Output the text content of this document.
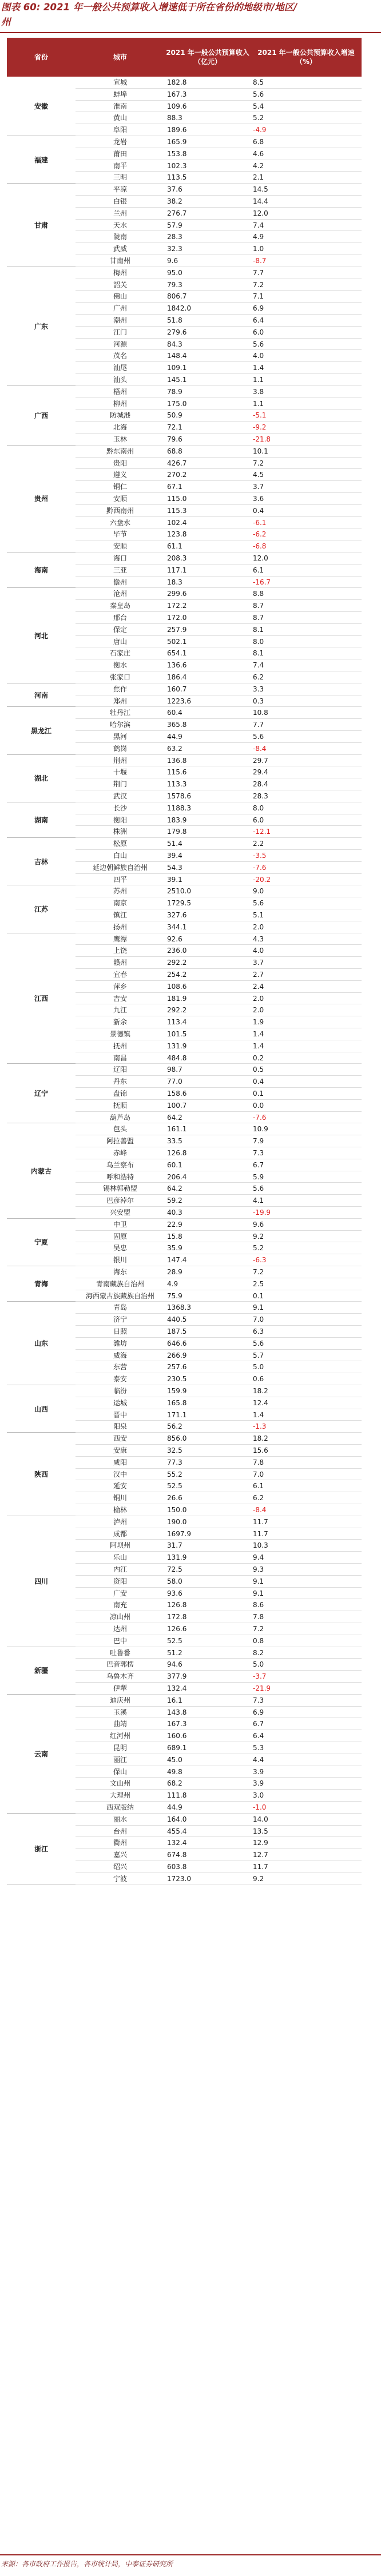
图表 60: 2021 年一般公共预算收入增速低于所在省份的地级市/地区/
州
省份	城市
2021 年一般公共预算收入（亿元）
2021 年一般公共预算收入增速（%）
安徽
宣城	182.8	8.5
蚌埠	167.3	5.6
淮南	109.6	5.4
黄山	88.3	5.2
阜阳	189.6	-4.9
福建
龙岩	165.9	6.8
莆田	153.8	4.6
南平	102.3	4.2
三明	113.5	2.1
甘肃
平凉	37.6	14.5
白银	38.2	14.4
兰州	276.7	12.0
天水	57.9	7.4
陇南	28.3	4.9
武威	32.3	1.0
甘南州	9.6	-8.7
广东
梅州	95.0	7.7
韶关	79.3	7.2
佛山	806.7	7.1
广州	1842.0	6.9
潮州	51.8	6.4
江门	279.6	6.0
河源	84.3	5.6
茂名	148.4	4.0
汕尾	109.1	1.4
汕头	145.1	1.1
广西
梧州	78.9	3.8
柳州	175.0	1.1
防城港	50.9	-5.1
北海	72.1	-9.2
玉林	79.6	-21.8
贵州
黔东南州	68.8	10.1
贵阳	426.7	7.2
遵义	270.2	4.5
铜仁	67.1	3.7
安顺	115.0	3.6
黔西南州	115.3	0.4
六盘水	102.4	-6.1
毕节	123.8	-6.2
安顺	61.1	-6.8
海南
海口	208.3	12.0
三亚	117.1	6.1
儋州	18.3	-16.7
河北
沧州	299.6	8.8
秦皇岛	172.2	8.7
邢台	172.0	8.7
保定	257.9	8.1
唐山	502.1	8.0
石家庄	654.1	8.1
衡水	136.6	7.4
张家口	186.4	6.2
河南
焦作	160.7	3.3
郑州	1223.6	0.3
黑龙江
牡丹江	60.4	10.8
哈尔滨	365.8	7.7
黑河	44.9	5.6
鹤岗	63.2	-8.4
湖北
荆州	136.8	29.7
十堰	115.6	29.4
荆门	113.3	28.4
武汉	1578.6	28.3
湖南
长沙	1188.3	8.0
衡阳	183.9	6.0
株洲	179.8	-12.1
吉林
松原	51.4	2.2
白山	39.4	-3.5
延边朝鲜族自治州	54.3	-7.6
四平	39.1	-20.2
江苏
苏州	2510.0	9.0
南京	1729.5	5.6
镇江	327.6	5.1
扬州	344.1	2.0
江西
鹰潭	92.6	4.3
上饶	236.0	4.0
赣州	292.2	3.7
宜春	254.2	2.7
萍乡	108.6	2.4
吉安	181.9	2.0
九江	292.2	2.0
新余	113.4	1.9
景德镇	101.5	1.4
抚州	131.9	1.4
南昌	484.8	0.2
辽宁
辽阳	98.7	0.5
丹东	77.0	0.4
盘锦	158.6	0.1
抚顺	100.7	0.0
葫芦岛	64.2	-7.6
内蒙古
包头	161.1	10.9
阿拉善盟	33.5	7.9
赤峰	126.8	7.3
乌兰察布	60.1	6.7
呼和浩特	206.4	5.9
锡林郭勒盟	64.2	5.6
巴彦淖尔	59.2	4.1
兴安盟	40.3	-19.9
宁夏
中卫	22.9	9.6
固原	15.8	9.2
吴忠	35.9	5.2
银川	147.4	-6.3
青海
海东	28.9	7.2
青南藏族自治州	4.9	2.5
海西蒙古族藏族自治州	75.9	0.1
山东
青岛	1368.3	9.1
济宁	440.5	7.0
日照	187.5	6.3
潍坊	646.6	5.6
威海	266.9	5.7
东营	257.6	5.0
泰安	230.5	0.6
山西
临汾	159.9	18.2
运城	165.8	12.4
晋中	171.1	1.4
阳泉	56.2	-1.3
陕西
西安	856.0	18.2
安康	32.5	15.6
咸阳	77.3	7.8
汉中	55.2	7.0
延安	52.5	6.1
铜川	26.6	6.2
榆林	150.0	-8.4
四川
泸州	190.0	11.7
成都	1697.9	11.7
阿坝州	31.7	10.3
乐山	131.9	9.4
内江	72.5	9.3
资阳	58.0	9.1
广安	93.6	9.1
南充	126.8	8.6
凉山州	172.8	7.8
达州	126.6	7.2
巴中	52.5	0.8
新疆
吐鲁番	51.2	8.2
巴音郭楞	94.6	5.0
乌鲁木齐	377.9	-3.7
伊犁	132.4	-21.9
云南
迪庆州	16.1	7.3
玉溪	143.8	6.9
曲靖	167.3	6.7
红河州	160.6	6.4
昆明	689.1	5.3
丽江	45.0	4.4
保山	49.8	3.9
文山州	68.2	3.9
大理州	111.8	3.0
西双版纳	44.9	-1.0
浙江
丽水	164.0	14.0
台州	455.4	13.5
衢州	132.4	12.9
嘉兴	674.8	12.7
绍兴	603.8	11.7
宁波	1723.0	9.2
来源：各市政府工作报告，各市统计局，中泰证券研究所
